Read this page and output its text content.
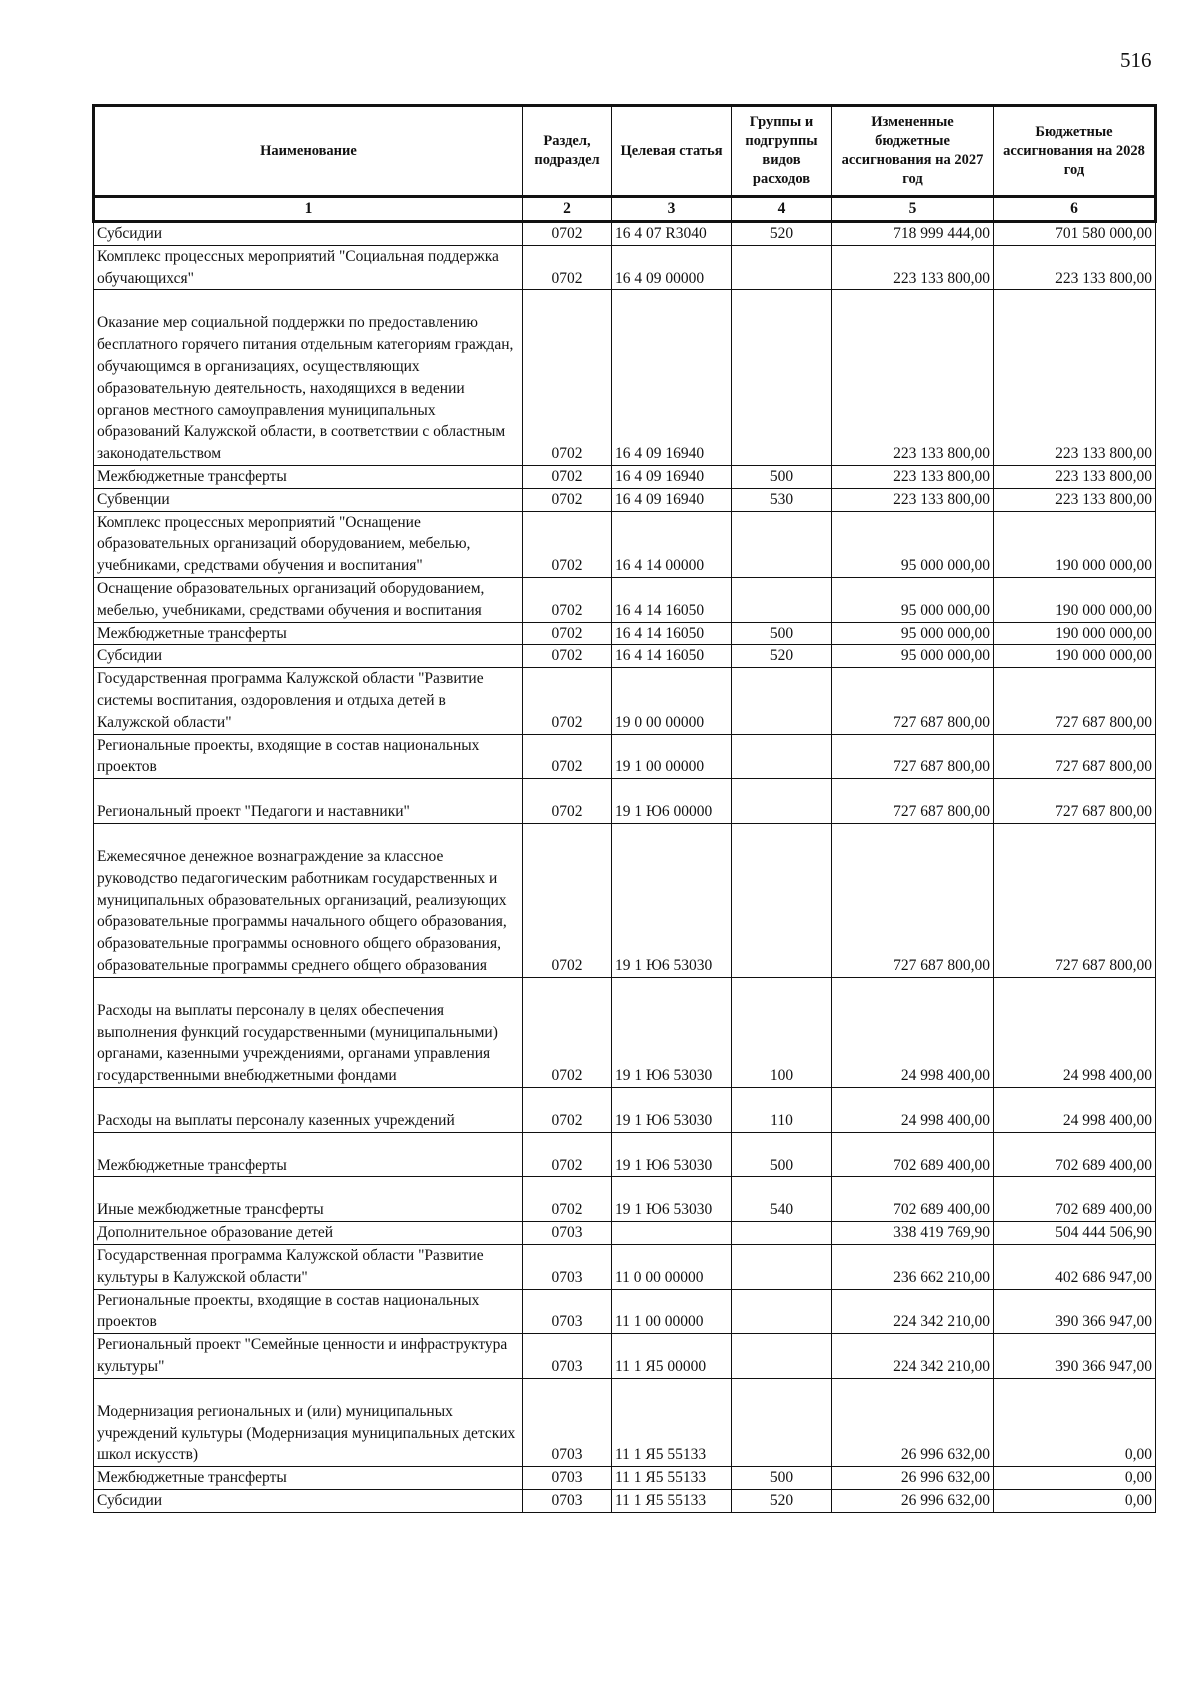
516
Наименование	Раздел, подраздел	Целевая статья	Группы и подгруппы видов расходов	Измененные бюджетные ассигнования на 2027 год	Бюджетные ассигнования на 2028 год
1	2	3	4	5	6
Субсидии	0702	16 4 07 R3040	520	718 999 444,00	701 580 000,00
Комплекс процессных мероприятий "Социальная поддержка обучающихся"	0702	16 4 09 00000		223 133 800,00	223 133 800,00
Оказание мер социальной поддержки по предоставлению бесплатного горячего питания отдельным категориям граждан, обучающимся в организациях, осуществляющих образовательную деятельность, находящихся в ведении органов местного самоуправления муниципальных образований Калужской области, в соответствии с областным законодательством	0702	16 4 09 16940		223 133 800,00	223 133 800,00
Межбюджетные трансферты	0702	16 4 09 16940	500	223 133 800,00	223 133 800,00
Субвенции	0702	16 4 09 16940	530	223 133 800,00	223 133 800,00
Комплекс процессных мероприятий "Оснащение образовательных организаций оборудованием, мебелью, учебниками, средствами обучения и воспитания"	0702	16 4 14 00000		95 000 000,00	190 000 000,00
Оснащение образовательных организаций оборудованием, мебелью, учебниками, средствами обучения и воспитания	0702	16 4 14 16050		95 000 000,00	190 000 000,00
Межбюджетные трансферты	0702	16 4 14 16050	500	95 000 000,00	190 000 000,00
Субсидии	0702	16 4 14 16050	520	95 000 000,00	190 000 000,00
Государственная программа Калужской области "Развитие системы воспитания, оздоровления и отдыха детей в Калужской области"	0702	19 0 00 00000		727 687 800,00	727 687 800,00
Региональные проекты, входящие в состав национальных проектов	0702	19 1 00 00000		727 687 800,00	727 687 800,00
Региональный проект "Педагоги и наставники"	0702	19 1 Ю6 00000		727 687 800,00	727 687 800,00
Ежемесячное денежное вознаграждение за классное руководство педагогическим работникам государственных и муниципальных образовательных организаций, реализующих образовательные программы начального общего образования, образовательные программы основного общего образования, образовательные программы среднего общего образования	0702	19 1 Ю6 53030		727 687 800,00	727 687 800,00
Расходы на выплаты персоналу в целях обеспечения выполнения функций государственными (муниципальными) органами, казенными учреждениями, органами управления государственными внебюджетными фондами	0702	19 1 Ю6 53030	100	24 998 400,00	24 998 400,00
Расходы на выплаты персоналу казенных учреждений	0702	19 1 Ю6 53030	110	24 998 400,00	24 998 400,00
Межбюджетные трансферты	0702	19 1 Ю6 53030	500	702 689 400,00	702 689 400,00
Иные межбюджетные трансферты	0702	19 1 Ю6 53030	540	702 689 400,00	702 689 400,00
Дополнительное образование детей	0703			338 419 769,90	504 444 506,90
Государственная программа Калужской области "Развитие культуры в Калужской области"	0703	11 0 00 00000		236 662 210,00	402 686 947,00
Региональные проекты, входящие в состав национальных проектов	0703	11 1 00 00000		224 342 210,00	390 366 947,00
Региональный проект "Семейные ценности и инфраструктура культуры"	0703	11 1 Я5 00000		224 342 210,00	390 366 947,00
Модернизация региональных и (или) муниципальных учреждений культуры (Модернизация муниципальных детских школ искусств)	0703	11 1 Я5 55133		26 996 632,00	0,00
Межбюджетные трансферты	0703	11 1 Я5 55133	500	26 996 632,00	0,00
Субсидии	0703	11 1 Я5 55133	520	26 996 632,00	0,00
